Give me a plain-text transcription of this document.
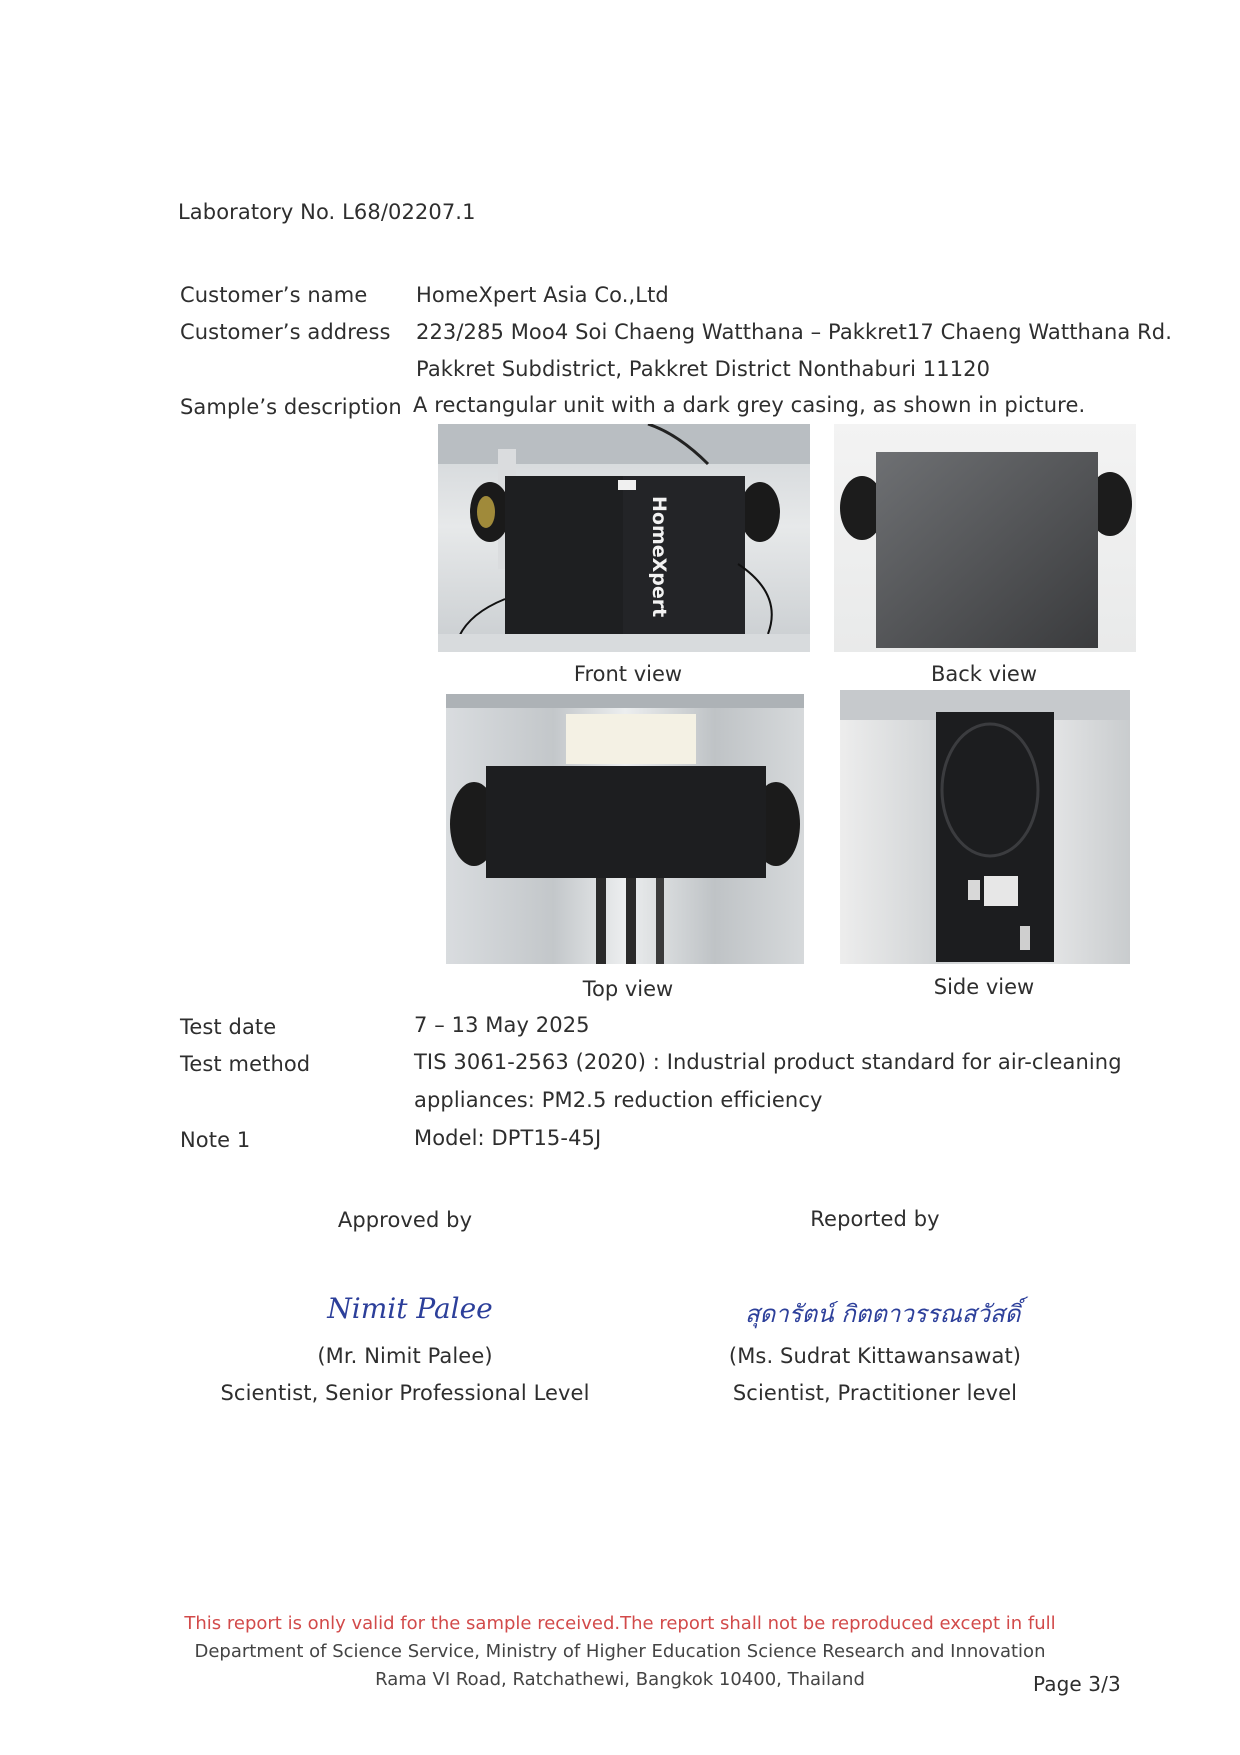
Laboratory No. L68/02207.1
Customer’s name HomeXpert Asia Co.,Ltd
Customer’s address 223/285 Moo4 Soi Chaeng Watthana – Pakkret17 Chaeng Watthana Rd.
Pakkret Subdistrict, Pakkret District Nonthaburi 11120
Sample’s description A rectangular unit with a dark grey casing, as shown in picture.
HomeXpert
Front view	Back view
Top view	Side view
Test date	7 – 13 May 2025
Test method	TIS 3061-2563 (2020) : Industrial product standard for air-cleaning
appliances: PM2.5 reduction efficiency
Note 1	Model: DPT15-45J
Approved by	Reported by
Nimit Palee	สุดารัตน์ กิตตาวรรณสวัสดิ์
(Mr. Nimit Palee)
Scientist, Senior Professional Level
(Ms. Sudrat Kittawansawat)
Scientist, Practitioner level
This report is only valid for the sample received.The report shall not be reproduced except in full
Department of Science Service, Ministry of Higher Education Science Research and Innovation
Rama VI Road, Ratchathewi, Bangkok 10400, Thailand	Page 3/3
